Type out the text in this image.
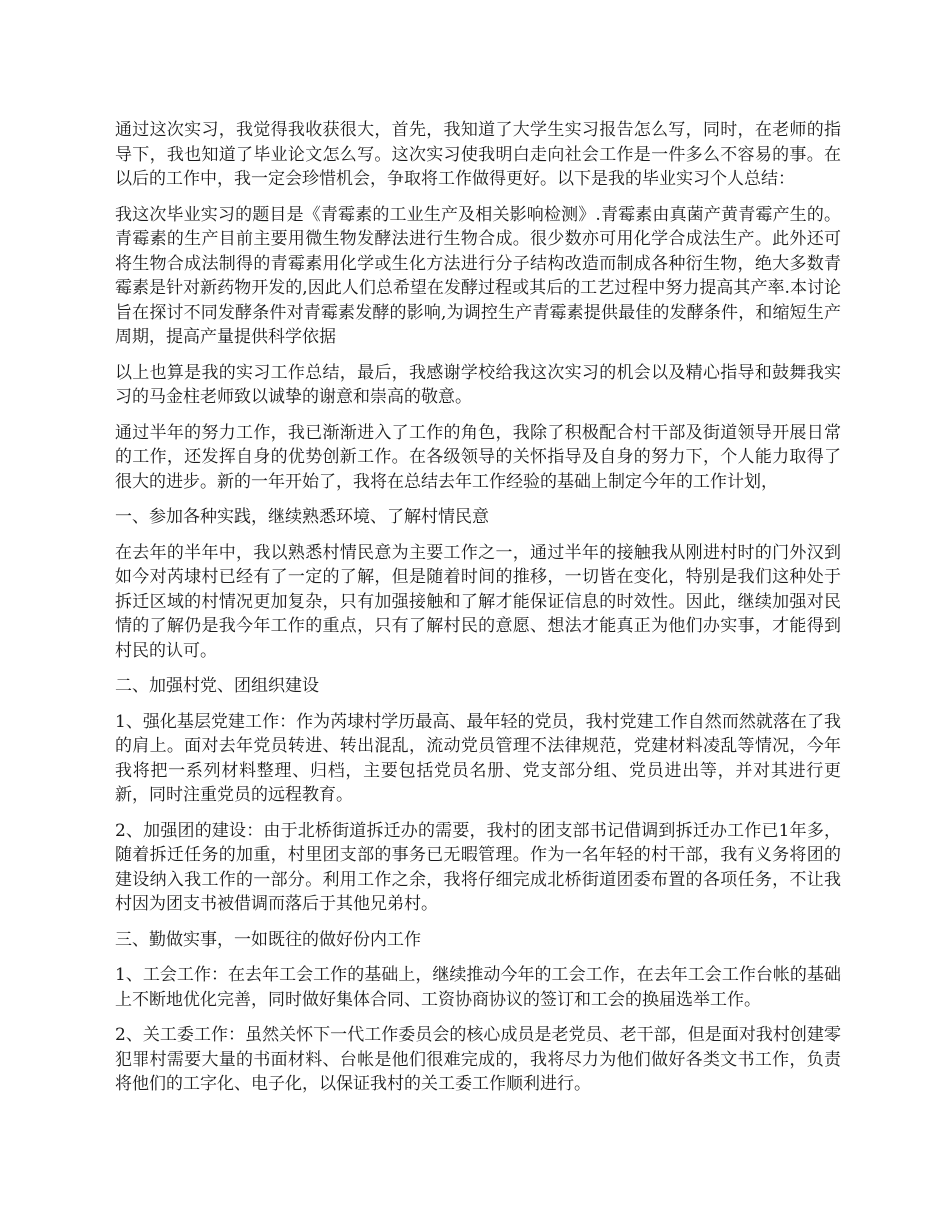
通过这次实习，我觉得我收获很大，首先，我知道了大学生实习报告怎么写，同时，在老师的指导下，我也知道了毕业论文怎么写。这次实习使我明白走向社会工作是一件多么不容易的事。在以后的工作中，我一定会珍惜机会，争取将工作做得更好。以下是我的毕业实习个人总结：

我这次毕业实习的题目是《青霉素的工业生产及相关影响检测》.青霉素由真菌产黄青霉产生的。青霉素的生产目前主要用微生物发酵法进行生物合成。很少数亦可用化学合成法生产。此外还可将生物合成法制得的青霉素用化学或生化方法进行分子结构改造而制成各种衍生物，绝大多数青霉素是针对新药物开发的,因此人们总希望在发酵过程或其后的工艺过程中努力提高其产率.本讨论旨在探讨不同发酵条件对青霉素发酵的影响,为调控生产青霉素提供最佳的发酵条件，和缩短生产周期，提高产量提供科学依据

以上也算是我的实习工作总结，最后，我感谢学校给我这次实习的机会以及精心指导和鼓舞我实习的马金柱老师致以诚挚的谢意和崇高的敬意。

通过半年的努力工作，我已渐渐进入了工作的角色，我除了积极配合村干部及街道领导开展日常的工作，还发挥自身的优势创新工作。在各级领导的关怀指导及自身的努力下，个人能力取得了很大的进步。新的一年开始了，我将在总结去年工作经验的基础上制定今年的工作计划，

一、参加各种实践，继续熟悉环境、了解村情民意

在去年的半年中，我以熟悉村情民意为主要工作之一，通过半年的接触我从刚进村时的门外汉到如今对芮埭村已经有了一定的了解，但是随着时间的推移，一切皆在变化，特别是我们这种处于拆迁区域的村情况更加复杂，只有加强接触和了解才能保证信息的时效性。因此，继续加强对民情的了解仍是我今年工作的重点，只有了解村民的意愿、想法才能真正为他们办实事，才能得到村民的认可。

二、加强村党、团组织建设

1、强化基层党建工作：作为芮埭村学历最高、最年轻的党员，我村党建工作自然而然就落在了我的肩上。面对去年党员转进、转出混乱，流动党员管理不法律规范，党建材料凌乱等情况，今年我将把一系列材料整理、归档，主要包括党员名册、党支部分组、党员进出等，并对其进行更新，同时注重党员的远程教育。

2、加强团的建设：由于北桥街道拆迁办的需要，我村的团支部书记借调到拆迁办工作已1年多，随着拆迁任务的加重，村里团支部的事务已无暇管理。作为一名年轻的村干部，我有义务将团的建设纳入我工作的一部分。利用工作之余，我将仔细完成北桥街道团委布置的各项任务，不让我村因为团支书被借调而落后于其他兄弟村。

三、勤做实事，一如既往的做好份内工作

1、工会工作：在去年工会工作的基础上，继续推动今年的工会工作，在去年工会工作台帐的基础上不断地优化完善，同时做好集体合同、工资协商协议的签订和工会的换届选举工作。

2、关工委工作：虽然关怀下一代工作委员会的核心成员是老党员、老干部，但是面对我村创建零犯罪村需要大量的书面材料、台帐是他们很难完成的，我将尽力为他们做好各类文书工作，负责将他们的工字化、电子化，以保证我村的关工委工作顺利进行。
